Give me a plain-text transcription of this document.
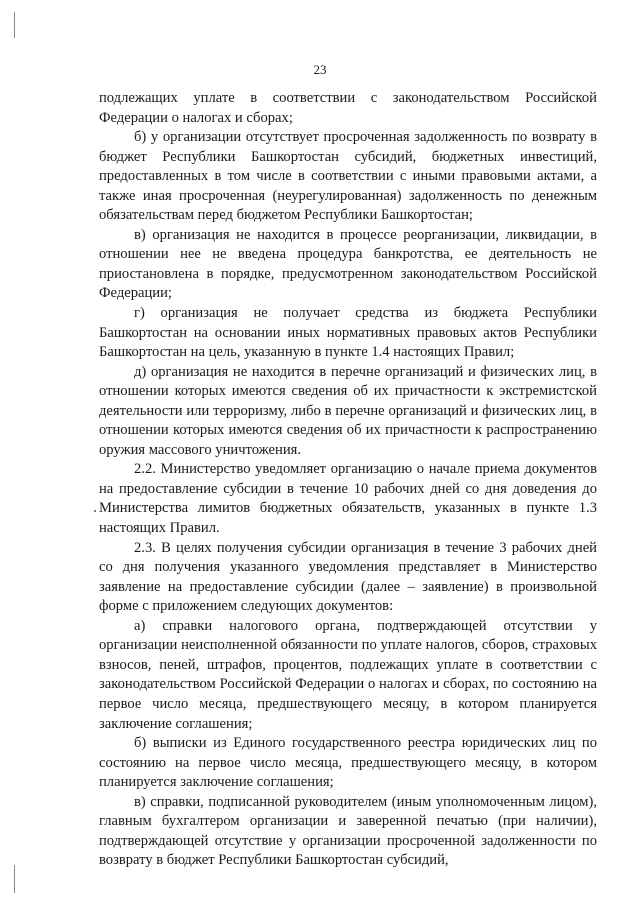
23

подлежащих уплате в соответствии с законодательством Российской Федерации о налогах и сборах;

б) у организации отсутствует просроченная задолженность по возврату в бюджет Республики Башкортостан субсидий, бюджетных инвестиций, предоставленных в том числе в соответствии с иными правовыми актами, а также иная просроченная (неурегулированная) задолженность по денежным обязательствам перед бюджетом Республики Башкортостан;

в) организация не находится в процессе реорганизации, ликвидации, в отношении нее не введена процедура банкротства, ее деятельность не приостановлена в порядке, предусмотренном законодательством Российской Федерации;

г) организация не получает средства из бюджета Республики Башкортостан на основании иных нормативных правовых актов Республики Башкортостан на цель, указанную в пункте 1.4 настоящих Правил;

д) организация не находится в перечне организаций и физических лиц, в отношении которых имеются сведения об их причастности к экстремистской деятельности или терроризму, либо в перечне организаций и физических лиц, в отношении которых имеются сведения об их причастности к распространению оружия массового уничтожения.

2.2. Министерство уведомляет организацию о начале приема документов на предоставление субсидии в течение 10 рабочих дней со дня доведения до Министерства лимитов бюджетных обязательств, указанных в пункте 1.3 настоящих Правил.

2.3. В целях получения субсидии организация в течение 3 рабочих дней со дня получения указанного уведомления представляет в Министерство заявление на предоставление субсидии (далее – заявление) в произвольной форме с приложением следующих документов:

а) справки налогового органа, подтверждающей отсутствии у организации неисполненной обязанности по уплате налогов, сборов, страховых взносов, пеней, штрафов, процентов, подлежащих уплате в соответствии с законодательством Российской Федерации о налогах и сборах, по состоянию на первое число месяца, предшествующего месяцу, в котором планируется заключение соглашения;

б) выписки из Единого государственного реестра юридических лиц по состоянию на первое число месяца, предшествующего месяцу, в котором планируется заключение соглашения;

в) справки, подписанной руководителем (иным уполномоченным лицом), главным бухгалтером организации и заверенной печатью (при наличии), подтверждающей отсутствие у организации просроченной задолженности по возврату в бюджет Республики Башкортостан субсидий,
